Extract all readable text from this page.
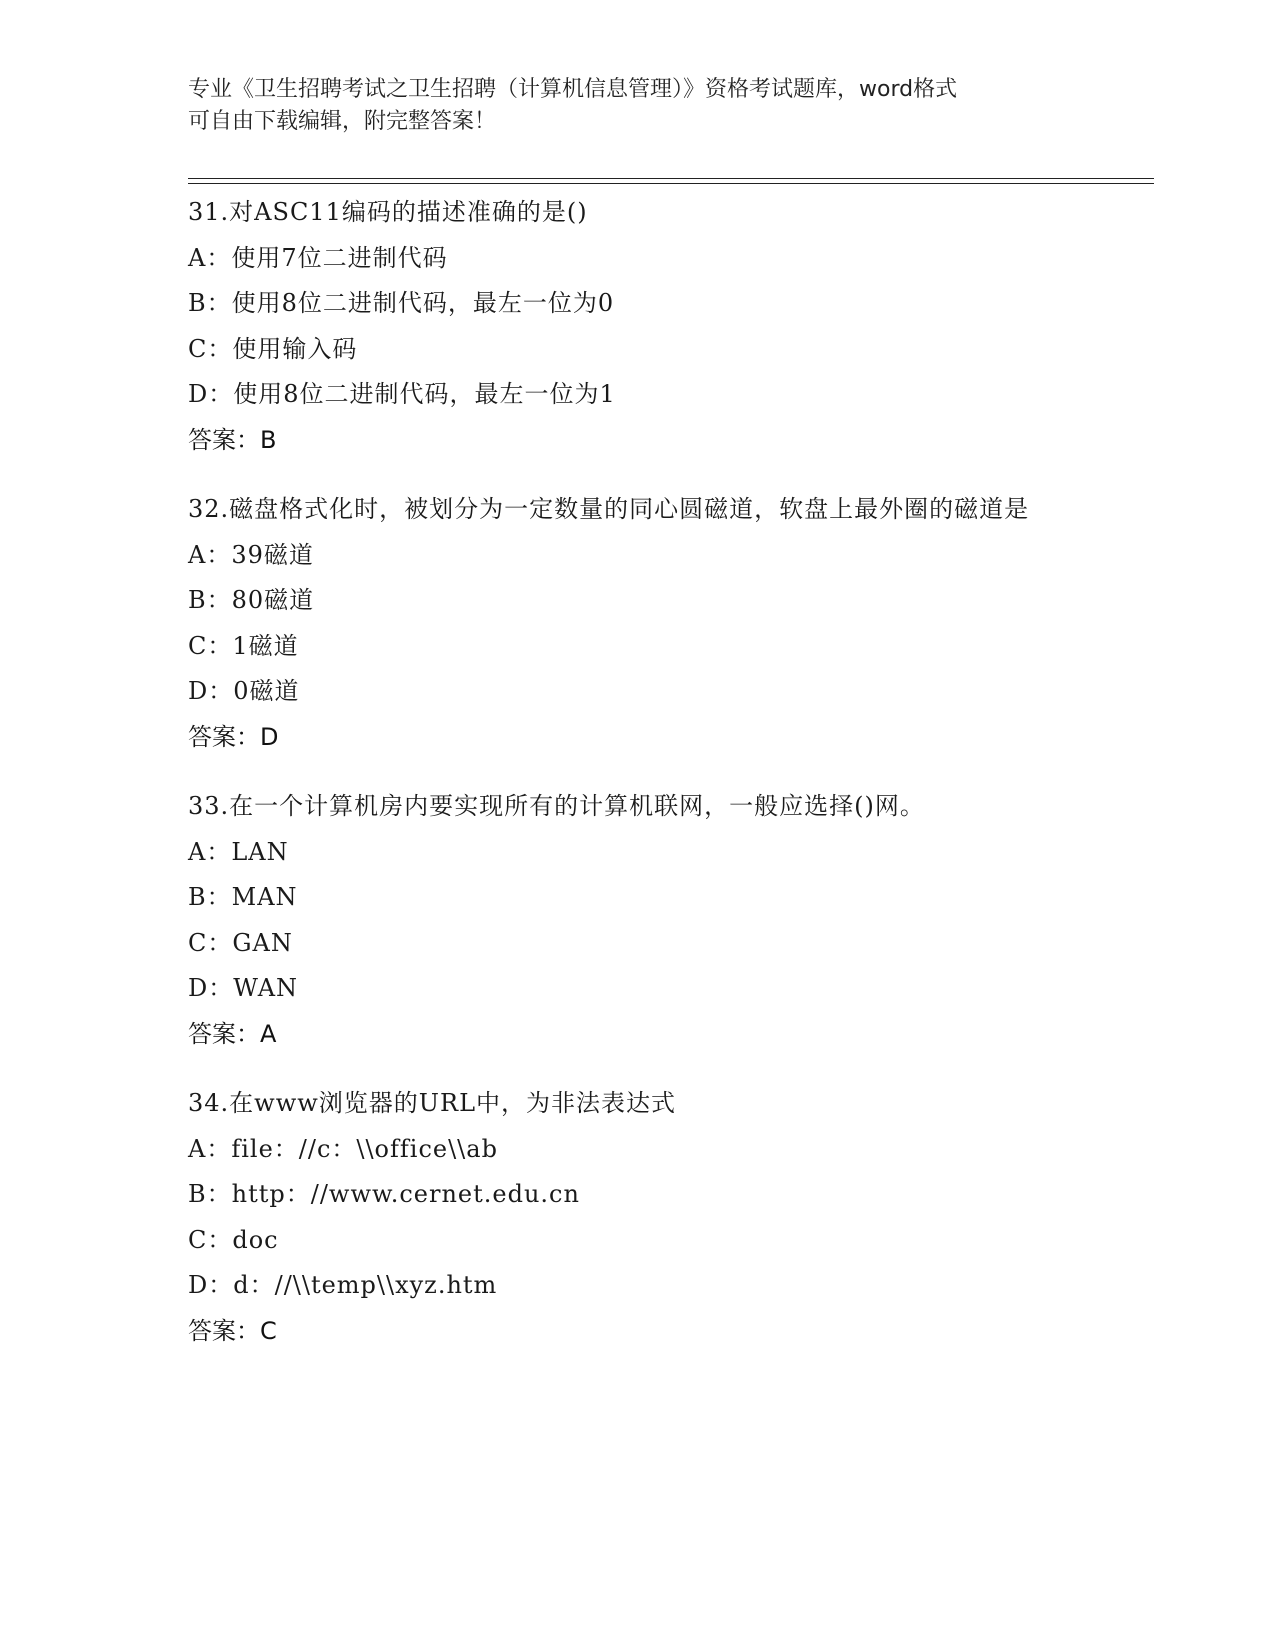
专业《卫生招聘考试之卫生招聘（计算机信息管理）》资格考试题库，word格式
可自由下载编辑，附完整答案！
31.对ASC11编码的描述准确的是()
A：使用7位二进制代码
B：使用8位二进制代码，最左一位为0
C：使用输入码
D：使用8位二进制代码，最左一位为1
答案：B
32.磁盘格式化时，被划分为一定数量的同心圆磁道，软盘上最外圈的磁道是
A：39磁道
B：80磁道
C：1磁道
D：0磁道
答案：D
33.在一个计算机房内要实现所有的计算机联网，一般应选择()网。
A：LAN
B：MAN
C：GAN
D：WAN
答案：A
34.在www浏览器的URL中，为非法表达式
A：file：//c：\\office\\ab
B：http：//www.cernet.edu.cn
C：doc
D：d：//\\temp\\xyz.htm
答案：C
